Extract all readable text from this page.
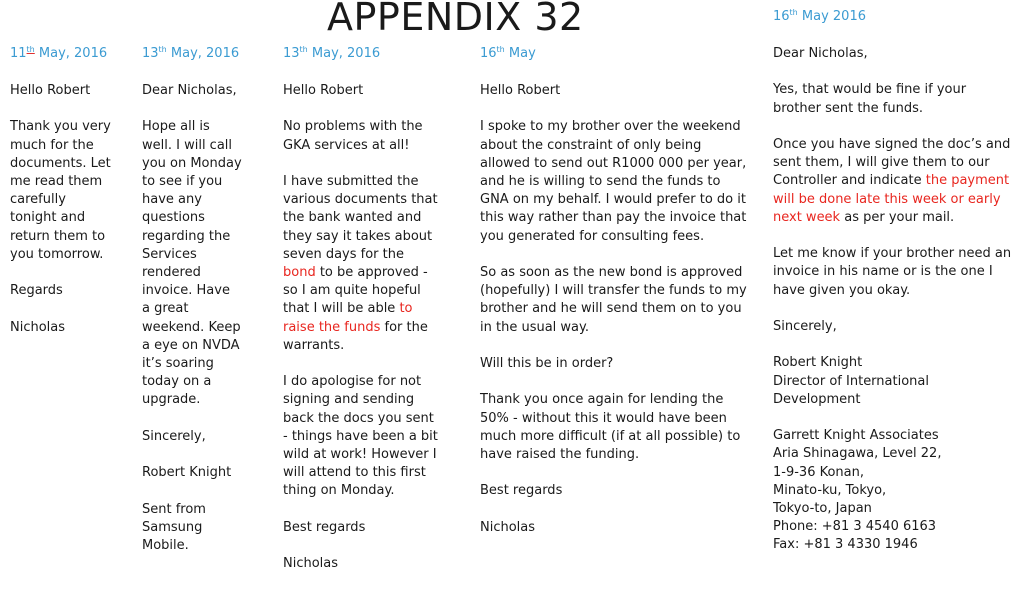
APPENDIX 32
11th May, 2016
Hello Robert
Thank you very much for the documents. Let me read them carefully tonight and return them to you tomorrow.
Regards
Nicholas
13th May, 2016
Dear Nicholas,
Hope all is well. I will call you on Monday to see if you have any questions regarding the Services rendered invoice. Have a great weekend. Keep a eye on NVDA it’s soaring today on a upgrade.
Sincerely,
Robert Knight
Sent from Samsung Mobile.
13th May, 2016
Hello Robert
No problems with the GKA services at all!
I have submitted the various documents that the bank wanted and they say it takes about seven days for the bond to be approved - so I am quite hopeful that I will be able to raise the funds for the warrants.
I do apologise for not signing and sending back the docs you sent - things have been a bit wild at work! However I will attend to this first thing on Monday.
Best regards
Nicholas
16th May
Hello Robert
I spoke to my brother over the weekend about the constraint of only being allowed to send out R1000 000 per year, and he is willing to send the funds to GNA on my behalf. I would prefer to do it this way rather than pay the invoice that you generated for consulting fees.
So as soon as the new bond is approved (hopefully) I will transfer the funds to my brother and he will send them on to you in the usual way.
Will this be in order?
Thank you once again for lending the 50% - without this it would have been much more difficult (if at all possible) to have raised the funding.
Best regards
Nicholas
16th May 2016
Dear Nicholas,
Yes, that would be fine if your brother sent the funds.
Once you have signed the doc’s and sent them, I will give them to our Controller and indicate the payment will be done late this week or early next week as per your mail.
Let me know if your brother need an invoice in his name or is the one I have given you okay.
Sincerely,
Robert Knight
Director of International Development
Garrett Knight Associates
Aria Shinagawa, Level 22,
1-9-36 Konan,
Minato-ku, Tokyo,
Tokyo-to, Japan
Phone: +81 3 4540 6163
Fax: +81 3 4330 1946
